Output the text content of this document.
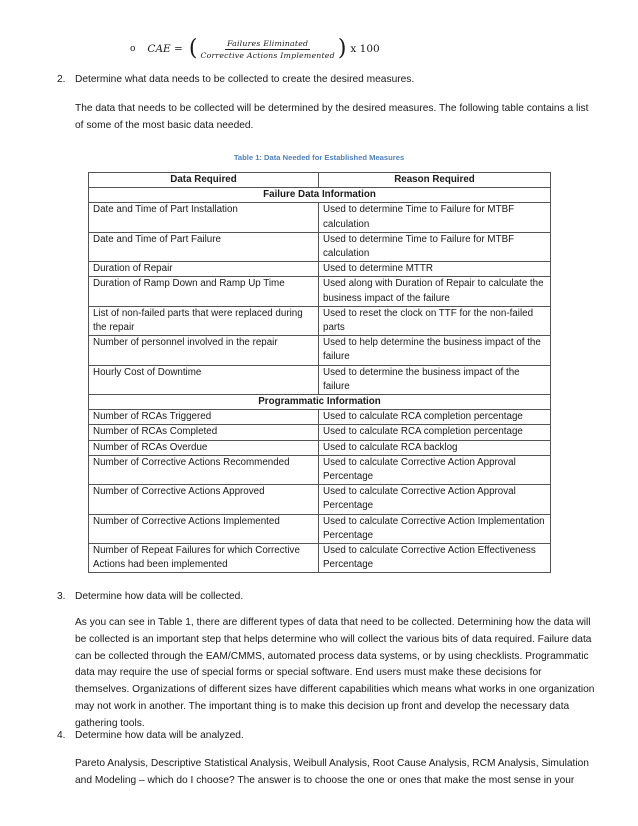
o CAE = ( $\frac{\text{Failures Eliminated}}{\text{Corrective Actions Implemented}}$ ) x 100
2. Determine what data needs to be collected to create the desired measures.
The data that needs to be collected will be determined by the desired measures. The following table contains a list of some of the most basic data needed.
Table 1: Data Needed for Established Measures
Data Required	Reason Required
Failure Data Information	
Date and Time of Part Installation	Used to determine Time to Failure for MTBF calculation
Date and Time of Part Failure	Used to determine Time to Failure for MTBF calculation
Duration of Repair	Used to determine MTTR
Duration of Ramp Down and Ramp Up Time	Used along with Duration of Repair to calculate the business impact of the failure
List of non-failed parts that were replaced during the repair	Used to reset the clock on TTF for the non-failed parts
Number of personnel involved in the repair	Used to help determine the business impact of the failure
Hourly Cost of Downtime	Used to determine the business impact of the failure
Programmatic Information	
Number of RCAs Triggered	Used to calculate RCA completion percentage
Number of RCAs Completed	Used to calculate RCA completion percentage
Number of RCAs Overdue	Used to calculate RCA backlog
Number of Corrective Actions Recommended	Used to calculate Corrective Action Approval Percentage
Number of Corrective Actions Approved	Used to calculate Corrective Action Approval Percentage
Number of Corrective Actions Implemented	Used to calculate Corrective Action Implementation Percentage
Number of Repeat Failures for which Corrective Actions had been implemented	Used to calculate Corrective Action Effectiveness Percentage
3. Determine how data will be collected.
As you can see in Table 1, there are different types of data that need to be collected. Determining how the data will be collected is an important step that helps determine who will collect the various bits of data required. Failure data can be collected through the EAM/CMMS, automated process data systems, or by using checklists. Programmatic data may require the use of special forms or special software. End users must make these decisions for themselves. Organizations of different sizes have different capabilities which means what works in one organization may not work in another. The important thing is to make this decision up front and develop the necessary data gathering tools.
4. Determine how data will be analyzed.
Pareto Analysis, Descriptive Statistical Analysis, Weibull Analysis, Root Cause Analysis, RCM Analysis, Simulation and Modeling – which do I choose? The answer is to choose the one or ones that make the most sense in your
